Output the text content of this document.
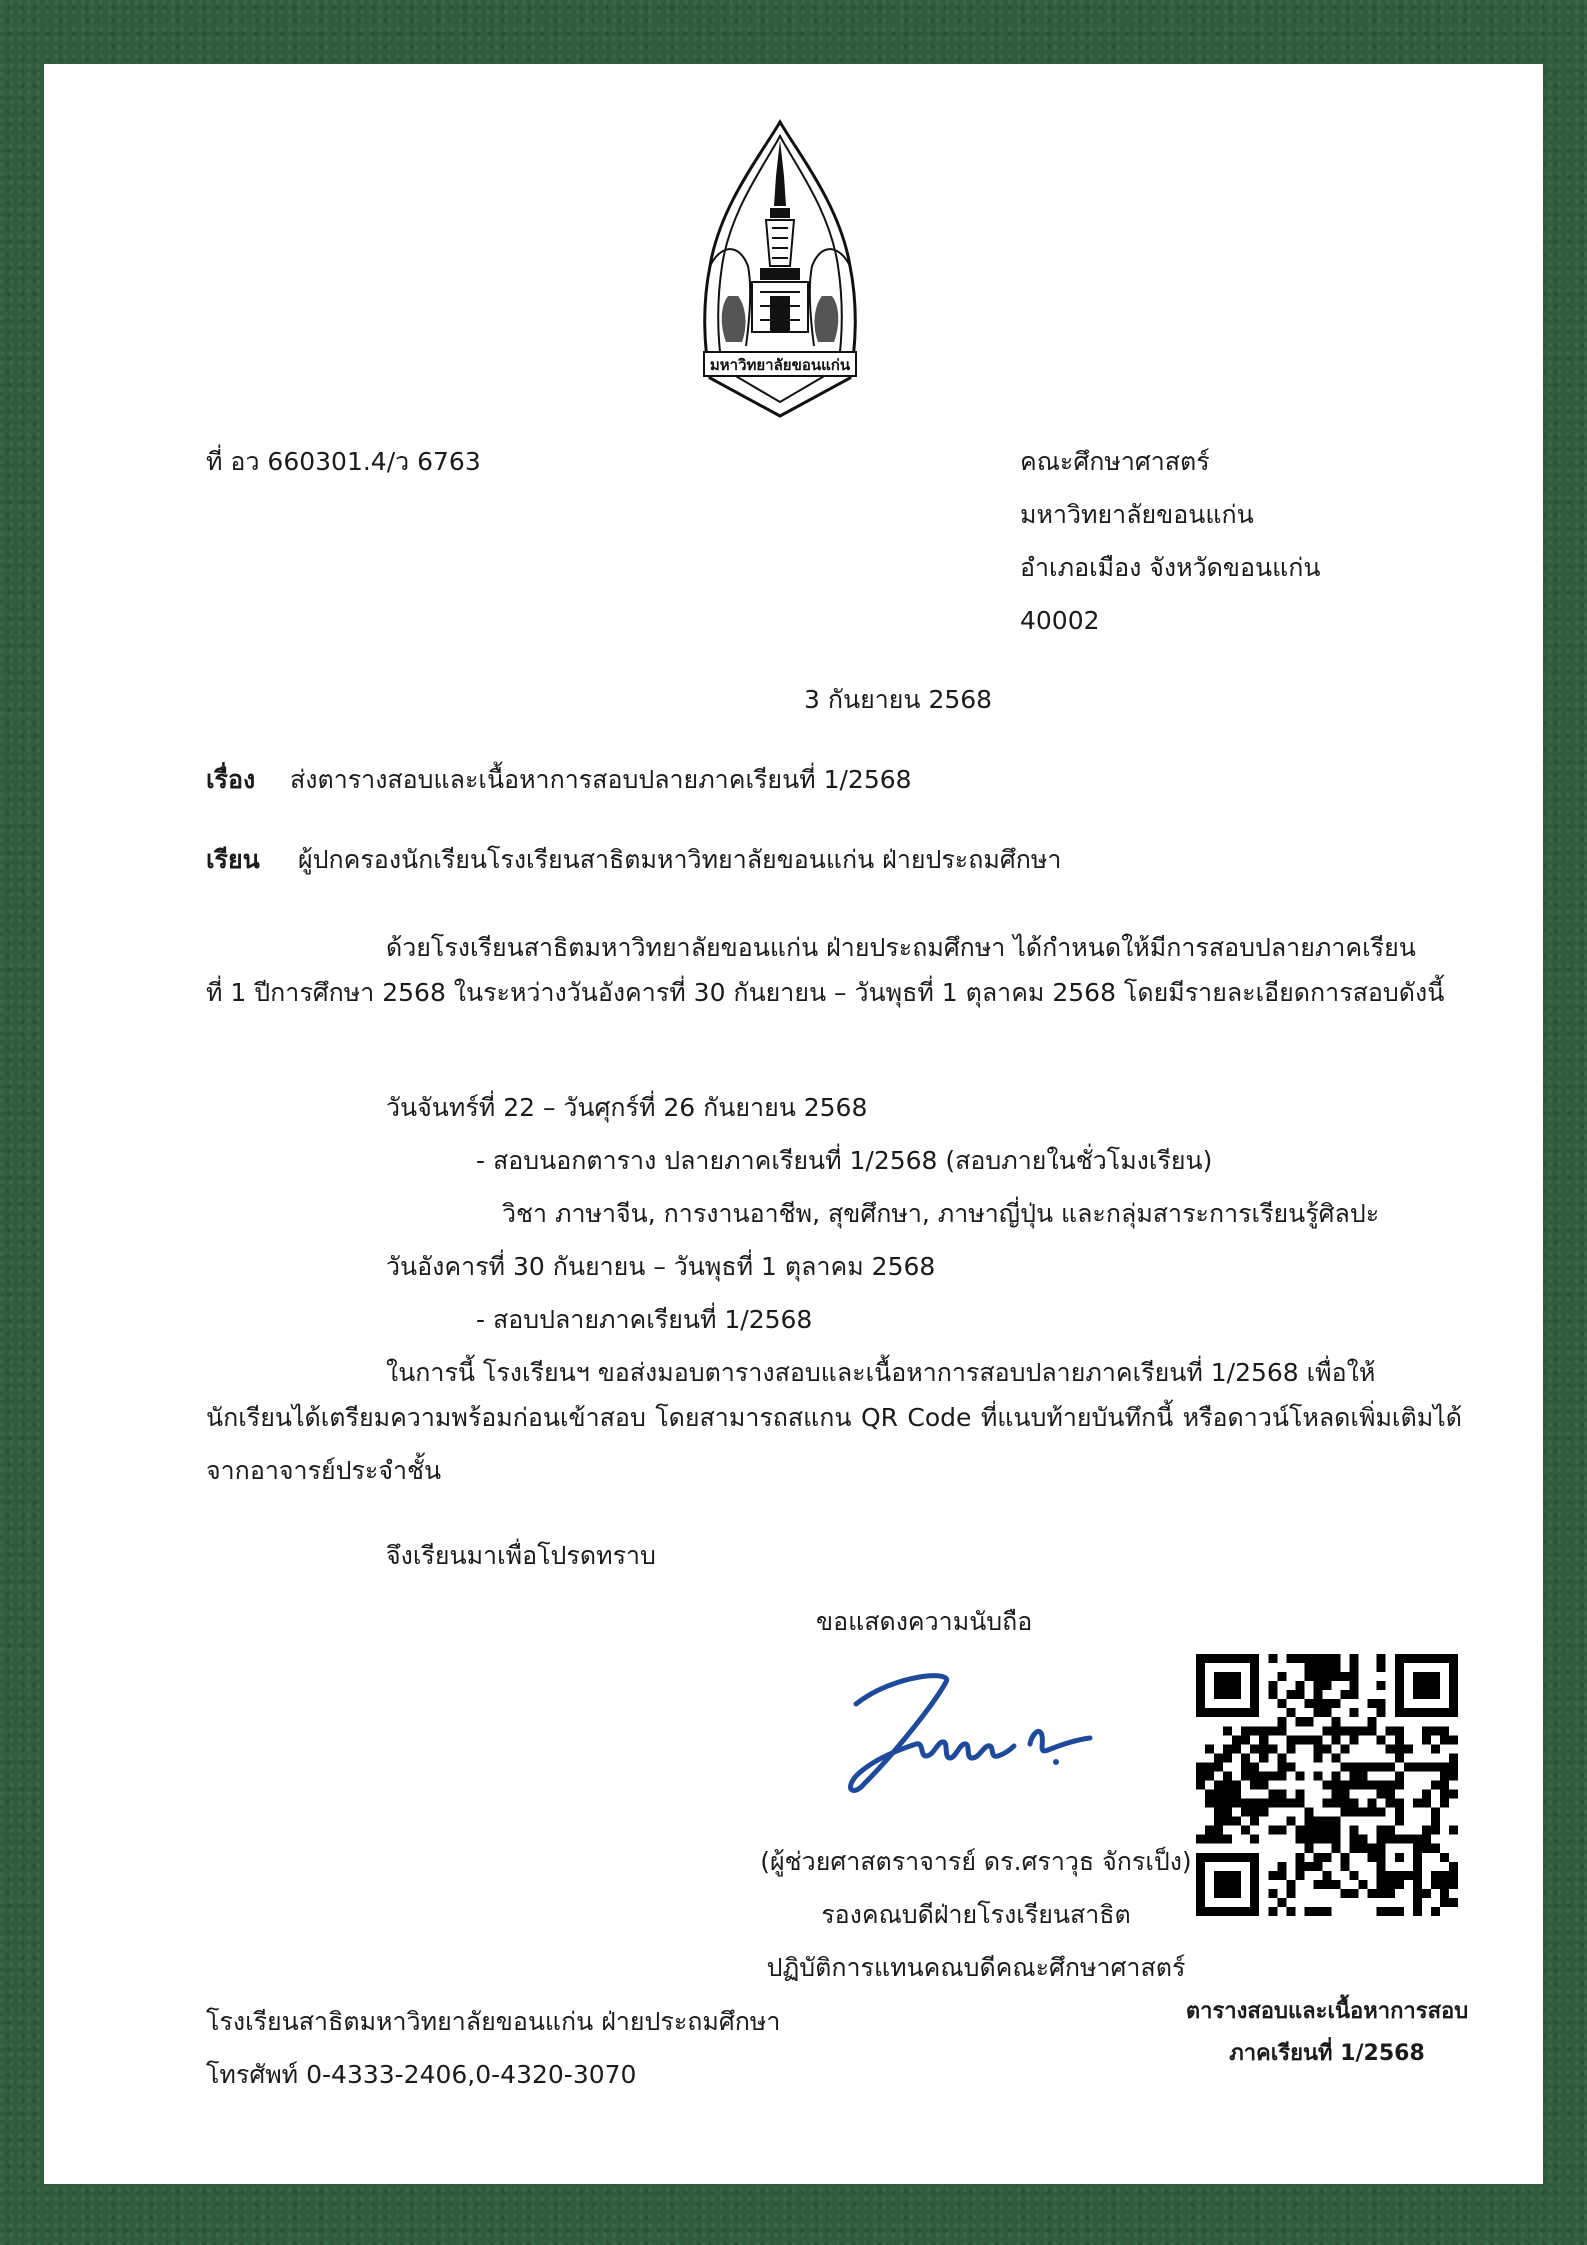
มหาวิทยาลัยขอนแก่น
ที่ อว 660301.4/ว 6763	คณะศึกษาศาสตร์
มหาวิทยาลัยขอนแก่น
อำเภอเมือง จังหวัดขอนแก่น
40002
3 กันยายน 2568
เรื่อง ส่งตารางสอบและเนื้อหาการสอบปลายภาคเรียนที่ 1/2568
เรียน ผู้ปกครองนักเรียนโรงเรียนสาธิตมหาวิทยาลัยขอนแก่น ฝ่ายประถมศึกษา
ด้วยโรงเรียนสาธิตมหาวิทยาลัยขอนแก่น ฝ่ายประถมศึกษา ได้กำหนดให้มีการสอบปลายภาคเรียน
ที่ 1 ปีการศึกษา 2568 ในระหว่างวันอังคารที่ 30 กันยายน – วันพุธที่ 1 ตุลาคม 2568 โดยมีรายละเอียดการสอบดังนี้
วันจันทร์ที่ 22 – วันศุกร์ที่ 26 กันยายน 2568
- สอบนอกตาราง ปลายภาคเรียนที่ 1/2568 (สอบภายในชั่วโมงเรียน)
วิชา ภาษาจีน, การงานอาชีพ, สุขศึกษา, ภาษาญี่ปุ่น และกลุ่มสาระการเรียนรู้ศิลปะ
วันอังคารที่ 30 กันยายน – วันพุธที่ 1 ตุลาคม 2568
- สอบปลายภาคเรียนที่ 1/2568
ในการนี้ โรงเรียนฯ ขอส่งมอบตารางสอบและเนื้อหาการสอบปลายภาคเรียนที่ 1/2568 เพื่อให้
นักเรียนได้เตรียมความพร้อมก่อนเข้าสอบ โดยสามารถสแกน QR Code ที่แนบท้ายบันทึกนี้ หรือดาวน์โหลดเพิ่มเติมได้จากอาจารย์ประจำชั้น
จึงเรียนมาเพื่อโปรดทราบ
ขอแสดงความนับถือ
(ผู้ช่วยศาสตราจารย์ ดร.ศราวุธ จักรเป็ง)
รองคณบดีฝ่ายโรงเรียนสาธิต
ปฏิบัติการแทนคณบดีคณะศึกษาศาสตร์
โรงเรียนสาธิตมหาวิทยาลัยขอนแก่น ฝ่ายประถมศึกษา
โทรศัพท์ 0-4333-2406,0-4320-3070
ตารางสอบและเนื้อหาการสอบ
ภาคเรียนที่ 1/2568
